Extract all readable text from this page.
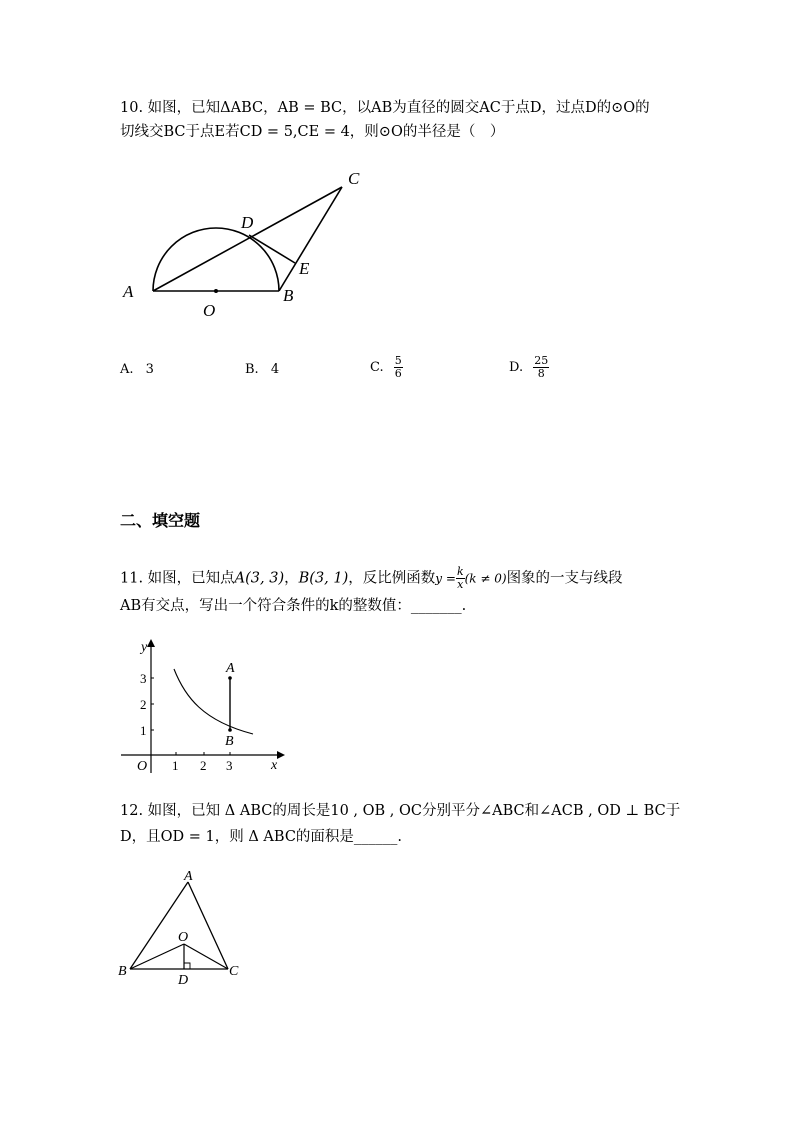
10. 如图，已知ΔABC，AB = BC，以AB为直径的圆交AC于点D，过点D的⊙O的
切线交BC于点E若CD = 5,CE = 4，则⊙O的半径是（　）
A	B
C
D
E
O
A. 3	B. 4	C. $\frac{5}{6}$	D. $\frac{25}{8}$
二、填空题
11. 如图，已知点A(3, 3)，B(3, 1)，反比例函数$y = \frac{k}{x} (k \ne 0)$图象的一支与线段
AB有交点，写出一个符合条件的k的整数值：_______.
y
x
O 1 2 3
1
2
3
A
B
12. 如图，已知 Δ ABC的周长是10 , OB , OC分别平分∠ABC和∠ACB , OD ⊥ BC于
D，且OD = 1，则 Δ ABC的面积是______.
A
B	C
O
D
